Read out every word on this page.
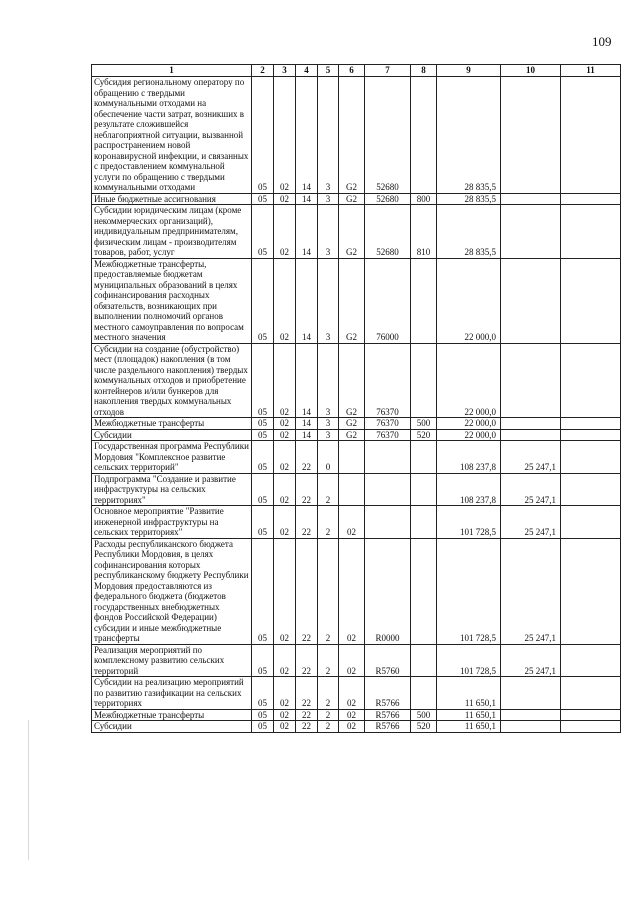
109
1	2	3	4	5	6	7	8	9	10	11
Субсидия региональному оператору по обращению с твердыми коммунальными отходами на обеспечение части затрат, возникших в результате сложившейся неблагоприятной ситуации, вызванной распространением новой коронавирусной инфекции, и связанных с предоставлением коммунальной услуги по обращению с твердыми коммунальными отходами	05	02	14	3	G2	52680		28 835,5		
Иные бюджетные ассигнования	05	02	14	3	G2	52680	800	28 835,5		
Субсидии юридическим лицам (кроме некоммерческих организаций), индивидуальным предпринимателям, физическим лицам - производителям товаров, работ, услуг	05	02	14	3	G2	52680	810	28 835,5		
Межбюджетные трансферты, предоставляемые бюджетам муниципальных образований в целях софинансирования расходных обязательств, возникающих при выполнении полномочий органов местного самоуправления по вопросам местного значения	05	02	14	3	G2	76000		22 000,0		
Субсидии на создание (обустройство) мест (площадок) накопления (в том числе раздельного накопления) твердых коммунальных отходов и приобретение контейнеров и/или бункеров для накопления твердых коммунальных отходов	05	02	14	3	G2	76370		22 000,0		
Межбюджетные трансферты	05	02	14	3	G2	76370	500	22 000,0		
Субсидии	05	02	14	3	G2	76370	520	22 000,0		
Государственная программа Республики Мордовия "Комплексное развитие сельских территорий"	05	02	22	0				108 237,8	25 247,1	
Подпрограмма "Создание и развитие инфраструктуры на сельских территориях"	05	02	22	2				108 237,8	25 247,1	
Основное мероприятие "Развитие инженерной инфраструктуры на сельских территориях"	05	02	22	2	02			101 728,5	25 247,1	
Расходы республиканского бюджета Республики Мордовия, в целях софинансирования которых республиканскому бюджету Республики Мордовия предоставляются из федерального бюджета (бюджетов государственных внебюджетных фондов Российской Федерации) субсидии и иные межбюджетные трансферты	05	02	22	2	02	R0000		101 728,5	25 247,1	
Реализация мероприятий по комплексному развитию сельских территорий	05	02	22	2	02	R5760		101 728,5	25 247,1	
Субсидии на реализацию мероприятий по развитию газификации на сельских территориях	05	02	22	2	02	R5766		11 650,1		
Межбюджетные трансферты	05	02	22	2	02	R5766	500	11 650,1		
Субсидии	05	02	22	2	02	R5766	520	11 650,1		
